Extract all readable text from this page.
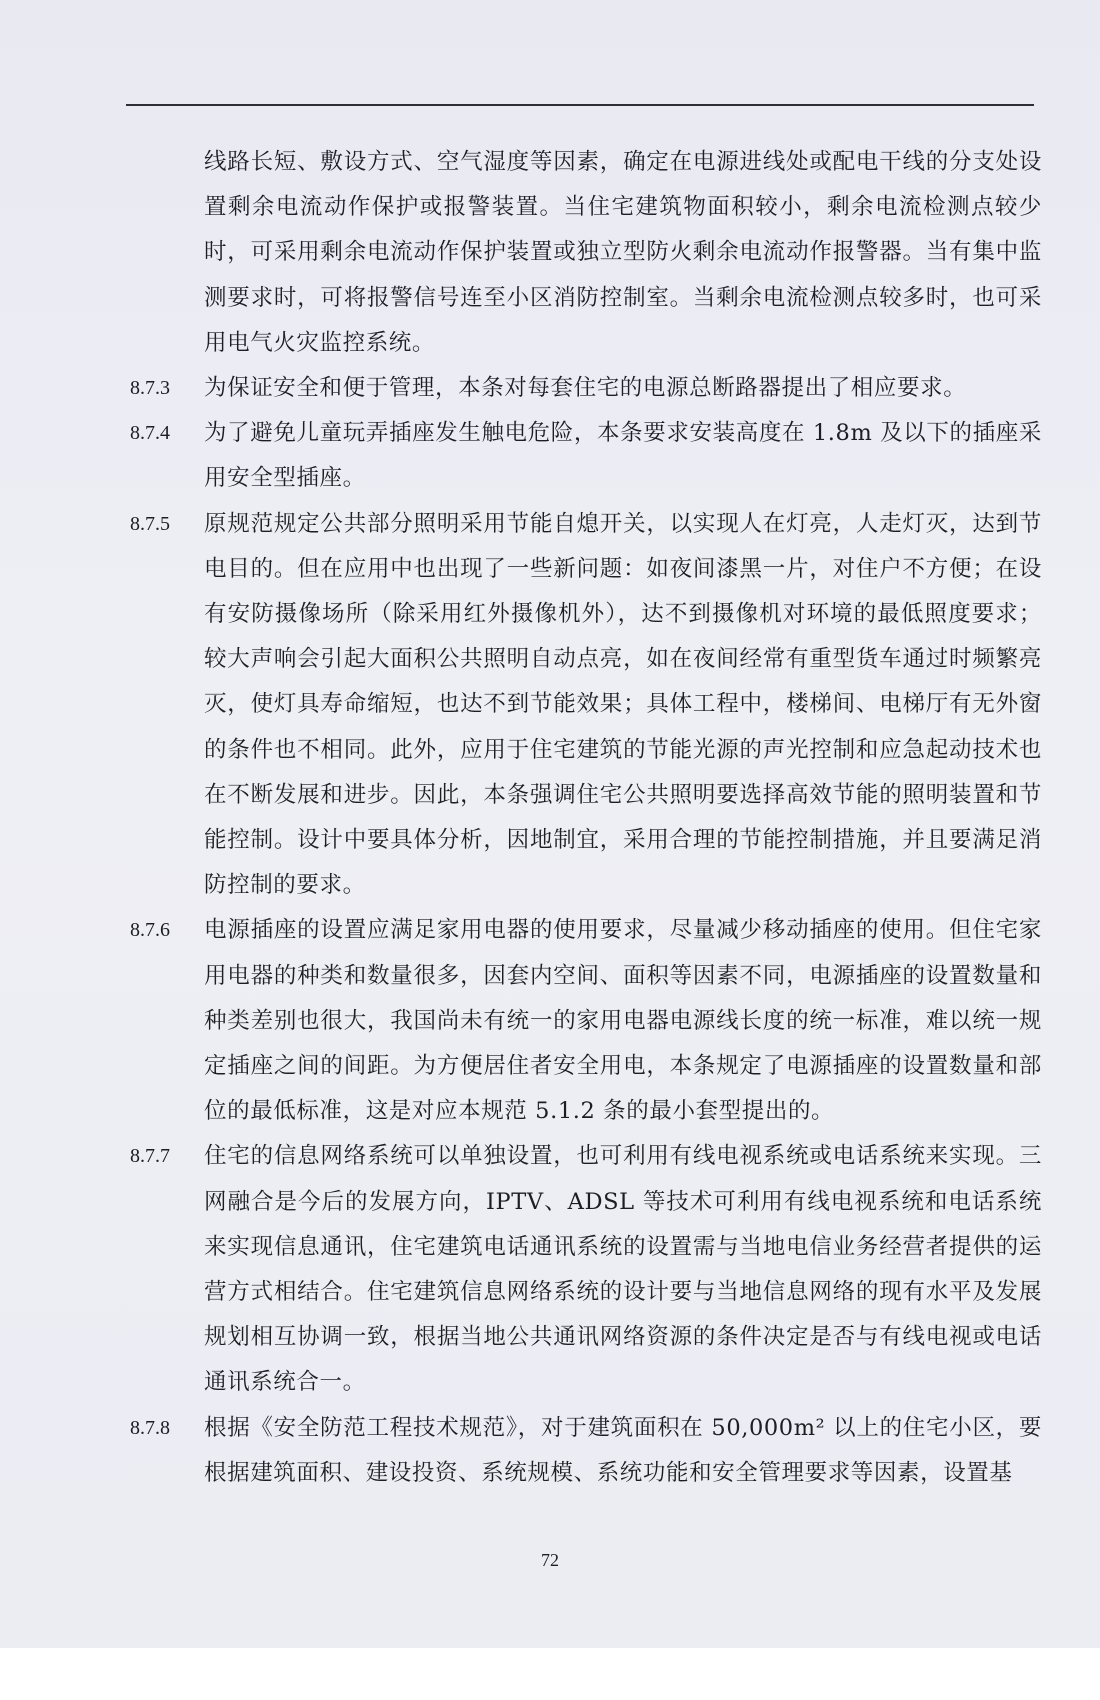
线路长短、敷设方式、空气湿度等因素，确定在电源进线处或配电干线的分支处设置剩余电流动作保护或报警装置。当住宅建筑物面积较小，剩余电流检测点较少时，可采用剩余电流动作保护装置或独立型防火剩余电流动作报警器。当有集中监测要求时，可将报警信号连至小区消防控制室。当剩余电流检测点较多时，也可采用电气火灾监控系统。
8.7.3 为保证安全和便于管理，本条对每套住宅的电源总断路器提出了相应要求。
8.7.4 为了避免儿童玩弄插座发生触电危险，本条要求安装高度在 1.8m 及以下的插座采用安全型插座。
8.7.5 原规范规定公共部分照明采用节能自熄开关，以实现人在灯亮，人走灯灭，达到节电目的。但在应用中也出现了一些新问题：如夜间漆黑一片，对住户不方便；在设有安防摄像场所（除采用红外摄像机外），达不到摄像机对环境的最低照度要求；较大声响会引起大面积公共照明自动点亮，如在夜间经常有重型货车通过时频繁亮灭，使灯具寿命缩短，也达不到节能效果；具体工程中，楼梯间、电梯厅有无外窗的条件也不相同。此外，应用于住宅建筑的节能光源的声光控制和应急起动技术也在不断发展和进步。因此，本条强调住宅公共照明要选择高效节能的照明装置和节能控制。设计中要具体分析，因地制宜，采用合理的节能控制措施，并且要满足消防控制的要求。
8.7.6 电源插座的设置应满足家用电器的使用要求，尽量减少移动插座的使用。但住宅家用电器的种类和数量很多，因套内空间、面积等因素不同，电源插座的设置数量和种类差别也很大，我国尚未有统一的家用电器电源线长度的统一标准，难以统一规定插座之间的间距。为方便居住者安全用电，本条规定了电源插座的设置数量和部位的最低标准，这是对应本规范 5.1.2 条的最小套型提出的。
8.7.7 住宅的信息网络系统可以单独设置，也可利用有线电视系统或电话系统来实现。三网融合是今后的发展方向，IPTV、ADSL 等技术可利用有线电视系统和电话系统来实现信息通讯，住宅建筑电话通讯系统的设置需与当地电信业务经营者提供的运营方式相结合。住宅建筑信息网络系统的设计要与当地信息网络的现有水平及发展规划相互协调一致，根据当地公共通讯网络资源的条件决定是否与有线电视或电话通讯系统合一。
8.7.8 根据《安全防范工程技术规范》，对于建筑面积在 50,000m² 以上的住宅小区，要根据建筑面积、建设投资、系统规模、系统功能和安全管理要求等因素，设置基
72
